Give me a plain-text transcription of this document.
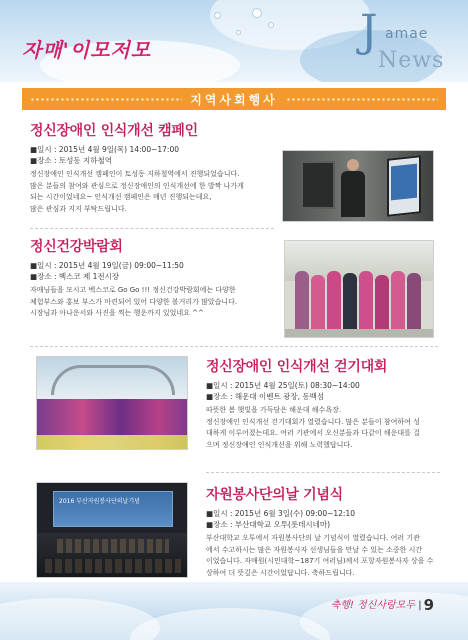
자매'이모저모	J amae
News
지역사회행사
정신장애인 인식개선 캠페인

■일시 : 2015년 4월 9일(목) 14:00~17:00

■장소 : 토성동 지하철역

정신장애인 인식개선 캠페인이 토성동 지하철역에서 진행되었습니다.

많은 분들의 참여와 관심으로 정신장애인의 인식개선에 한 발짝 나가게

되는 시간이었네요~ 인식개선 캠페인은 매년 진행되는데요,

많은 관심과 지지 부탁드립니다.

정신건강박람회

■일시 : 2015년 4월 19일(금) 09:00~11:50

■장소 : 벡스코 제 1전시장

자매님들을 모시고 벡스코로 Go Go !!! 정신건강박람회에는 다양한

체험부스와 홍보 부스가 마련되어 있어 다양한 볼거리가 많았습니다.

시장님과 아나운서와 사진을 찍는 행운까지 있었네요 ^^

정신장애인 인식개선 걷기대회

■일시 : 2015년 4월 25일(토) 08:30~14:00

■장소 : 해운대 이벤트 광장, 동백섬

따뜻한 봄 햇빛을 가득담은 해운대 해수욕장.

정신장애인 인식개선 걷기대회가 열렸습니다. 많은 분들이 참여하여 성

대하게 이루어졌는데요. 여러 기관에서 오신분들과 다같이 해운대를 걸

으며 정신장애인 인식개선을 위해 노력했답니다.

2016 부산자원봉사단의날기념	자원봉사단의날 기념식

■일시 : 2015년 6월 3일(수) 09:00~12:10

■장소 : 부산대학교 오투(롯데시네마)

부산대학교 오투에서 자원봉사단의 날 기념식이 열렸습니다. 여러 기관

에서 수고하시는 많은 자원봉사자 선생님들을 만날 수 있는 소중한 시간

이었습니다. 자매원(시민대학~187기 여러님)께서 포항자원봉사자 상을 수

상하여 더 뜻깊은 시간이었답니다. 축하드립니다.

축행! 정신사랑모두 | 9
